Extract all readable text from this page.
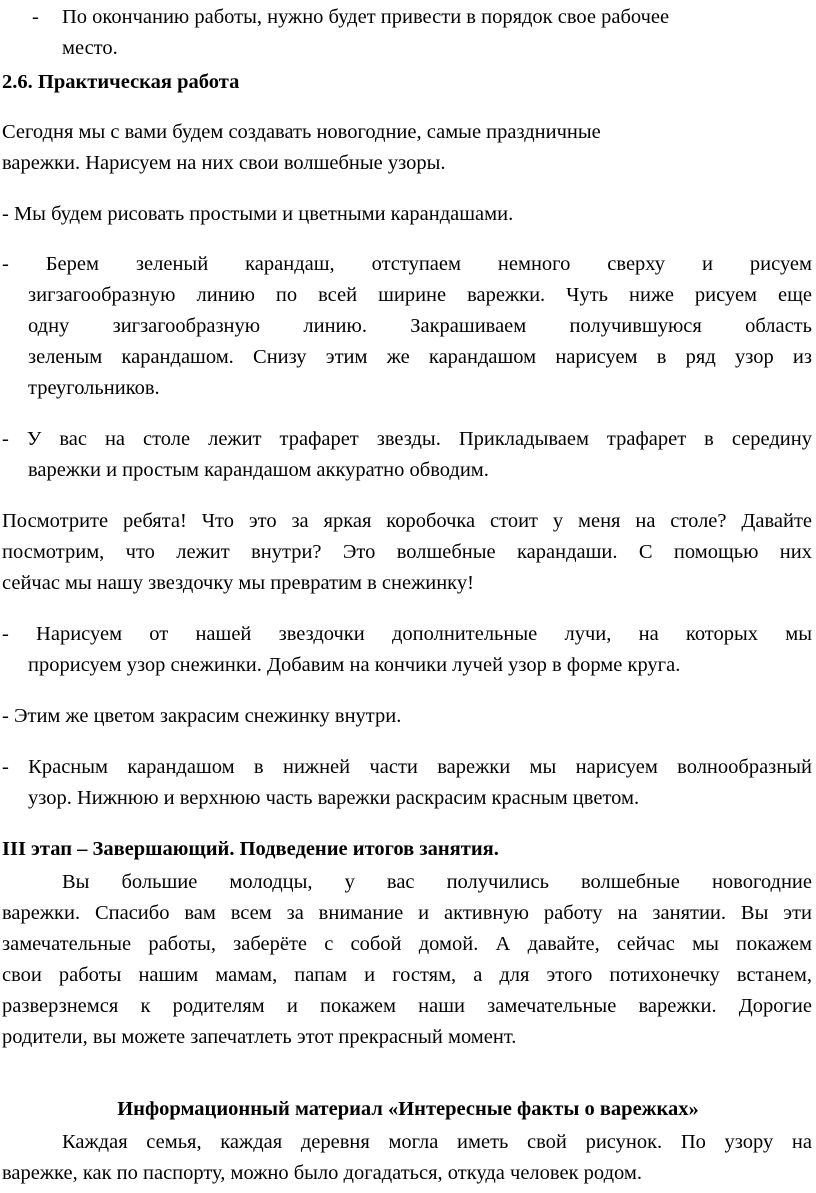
- По окончанию работы, нужно будет привести в порядок свое рабочее

место.

2.6. Практическая работа

Сегодня мы с вами будем создавать новогодние, самые праздничные

варежки. Нарисуем на них свои волшебные узоры.

- Мы будем рисовать простыми и цветными карандашами.

- Берем зеленый карандаш, отступаем немного сверху и рисуем

зигзагообразную линию по всей ширине варежки. Чуть ниже рисуем еще

одну зигзагообразную линию. Закрашиваем получившуюся область

зеленым карандашом. Снизу этим же карандашом нарисуем в ряд узор из

треугольников.

- У вас на столе лежит трафарет звезды. Прикладываем трафарет в середину

варежки и простым карандашом аккуратно обводим.

Посмотрите ребята! Что это за яркая коробочка стоит у меня на столе? Давайте

посмотрим, что лежит внутри? Это волшебные карандаши. С помощью них

сейчас мы нашу звездочку мы превратим в снежинку!

- Нарисуем от нашей звездочки дополнительные лучи, на которых мы

прорисуем узор снежинки. Добавим на кончики лучей узор в форме круга.

- Этим же цветом закрасим снежинку внутри.

- Красным карандашом в нижней части варежки мы нарисуем волнообразный

узор. Нижнюю и верхнюю часть варежки раскрасим красным цветом.

III этап – Завершающий. Подведение итогов занятия.

Вы большие молодцы, у вас получились волшебные новогодние

варежки. Спасибо вам всем за внимание и активную работу на занятии. Вы эти

замечательные работы, заберёте с собой домой. А давайте, сейчас мы покажем

свои работы нашим мамам, папам и гостям, а для этого потихонечку встанем,

разверзнемся к родителям и покажем наши замечательные варежки. Дорогие

родители, вы можете запечатлеть этот прекрасный момент.

Информационный материал «Интересные факты о варежках»

Каждая семья, каждая деревня могла иметь свой рисунок. По узору на

варежке, как по паспорту, можно было догадаться, откуда человек родом.
